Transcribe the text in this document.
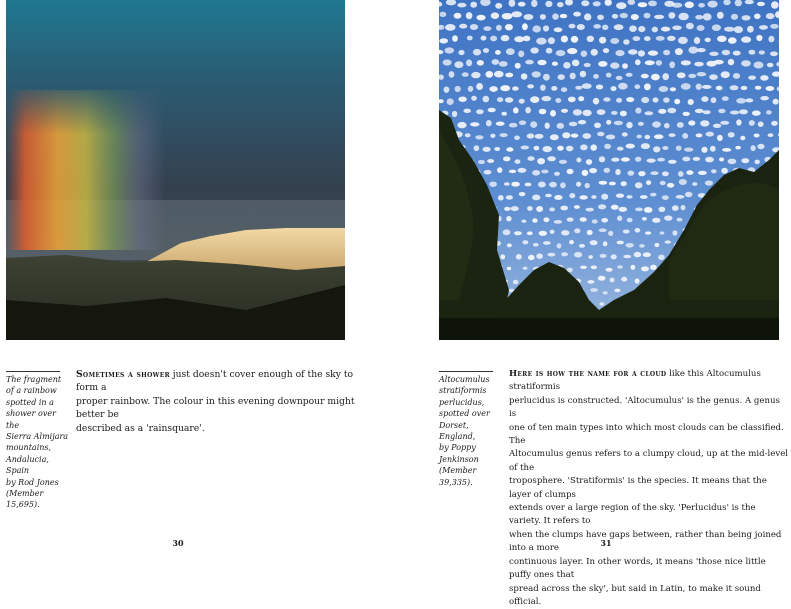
The fragment

of a rainbow

spotted in a

shower over the

Sierra Almijara

mountains,

Andalucia, Spain

by Rod Jones

(Member 15,695).

Sometimes a shower just doesn't cover enough of the sky to form a

proper rainbow. The colour in this evening downpour might better be

described as a 'rainsquare'.

30

Altocumulus

stratiformis

perlucidus,

spotted over

Dorset, England,

by Poppy

Jenkinson

(Member 39,335).

Here is how the name for a cloud like this Altocumulus stratiformis

perlucidus is constructed. 'Altocumulus' is the genus. A genus is

one of ten main types into which most clouds can be classified. The

Altocumulus genus refers to a clumpy cloud, up at the mid-level of the

troposphere. 'Stratiformis' is the species. It means that the layer of clumps

extends over a large region of the sky. 'Perlucidus' is the variety. It refers to

when the clumps have gaps between, rather than being joined into a more

continuous layer. In other words, it means 'those nice little puffy ones that

spread across the sky', but said in Latin, to make it sound official.

31
